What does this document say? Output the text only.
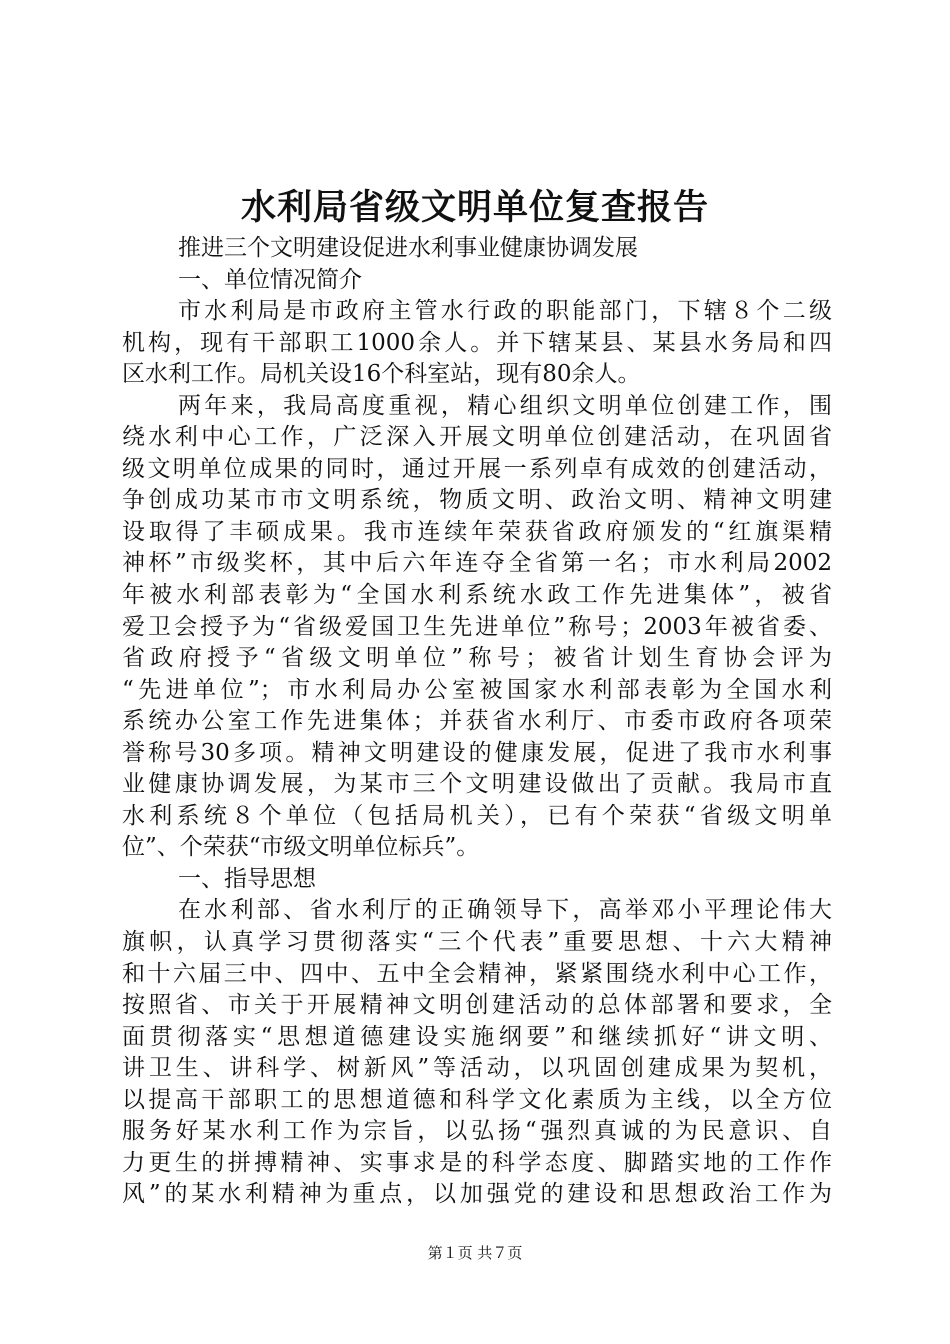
水利局省级文明单位复查报告
推进三个文明建设促进水利事业健康协调发展
一、单位情况简介
市水利局是市政府主管水行政的职能部门，下辖８个二级
机构，现有干部职工1000余人。并下辖某县、某县水务局和四
区水利工作。局机关设16个科室站，现有80余人。
两年来，我局高度重视，精心组织文明单位创建工作，围
绕水利中心工作，广泛深入开展文明单位创建活动，在巩固省
级文明单位成果的同时，通过开展一系列卓有成效的创建活动，
争创成功某市市文明系统，物质文明、政治文明、精神文明建
设取得了丰硕成果。我市连续年荣获省政府颁发的“红旗渠精
神杯”市级奖杯，其中后六年连夺全省第一名；市水利局2002
年被水利部表彰为“全国水利系统水政工作先进集体”，被省
爱卫会授予为“省级爱国卫生先进单位”称号；2003年被省委、
省政府授予“省级文明单位”称号；被省计划生育协会评为
“先进单位”；市水利局办公室被国家水利部表彰为全国水利
系统办公室工作先进集体；并获省水利厅、市委市政府各项荣
誉称号30多项。精神文明建设的健康发展，促进了我市水利事
业健康协调发展，为某市三个文明建设做出了贡献。我局市直
水利系统８个单位（包括局机关），已有个荣获“省级文明单
位”、个荣获“市级文明单位标兵”。
一、指导思想
在水利部、省水利厅的正确领导下，高举邓小平理论伟大
旗帜，认真学习贯彻落实“三个代表”重要思想、十六大精神
和十六届三中、四中、五中全会精神，紧紧围绕水利中心工作，
按照省、市关于开展精神文明创建活动的总体部署和要求，全
面贯彻落实“思想道德建设实施纲要”和继续抓好“讲文明、
讲卫生、讲科学、树新风”等活动，以巩固创建成果为契机，
以提高干部职工的思想道德和科学文化素质为主线，以全方位
服务好某水利工作为宗旨，以弘扬“强烈真诚的为民意识、自
力更生的拼搏精神、实事求是的科学态度、脚踏实地的工作作
风”的某水利精神为重点，以加强党的建设和思想政治工作为
第１页 共７页
